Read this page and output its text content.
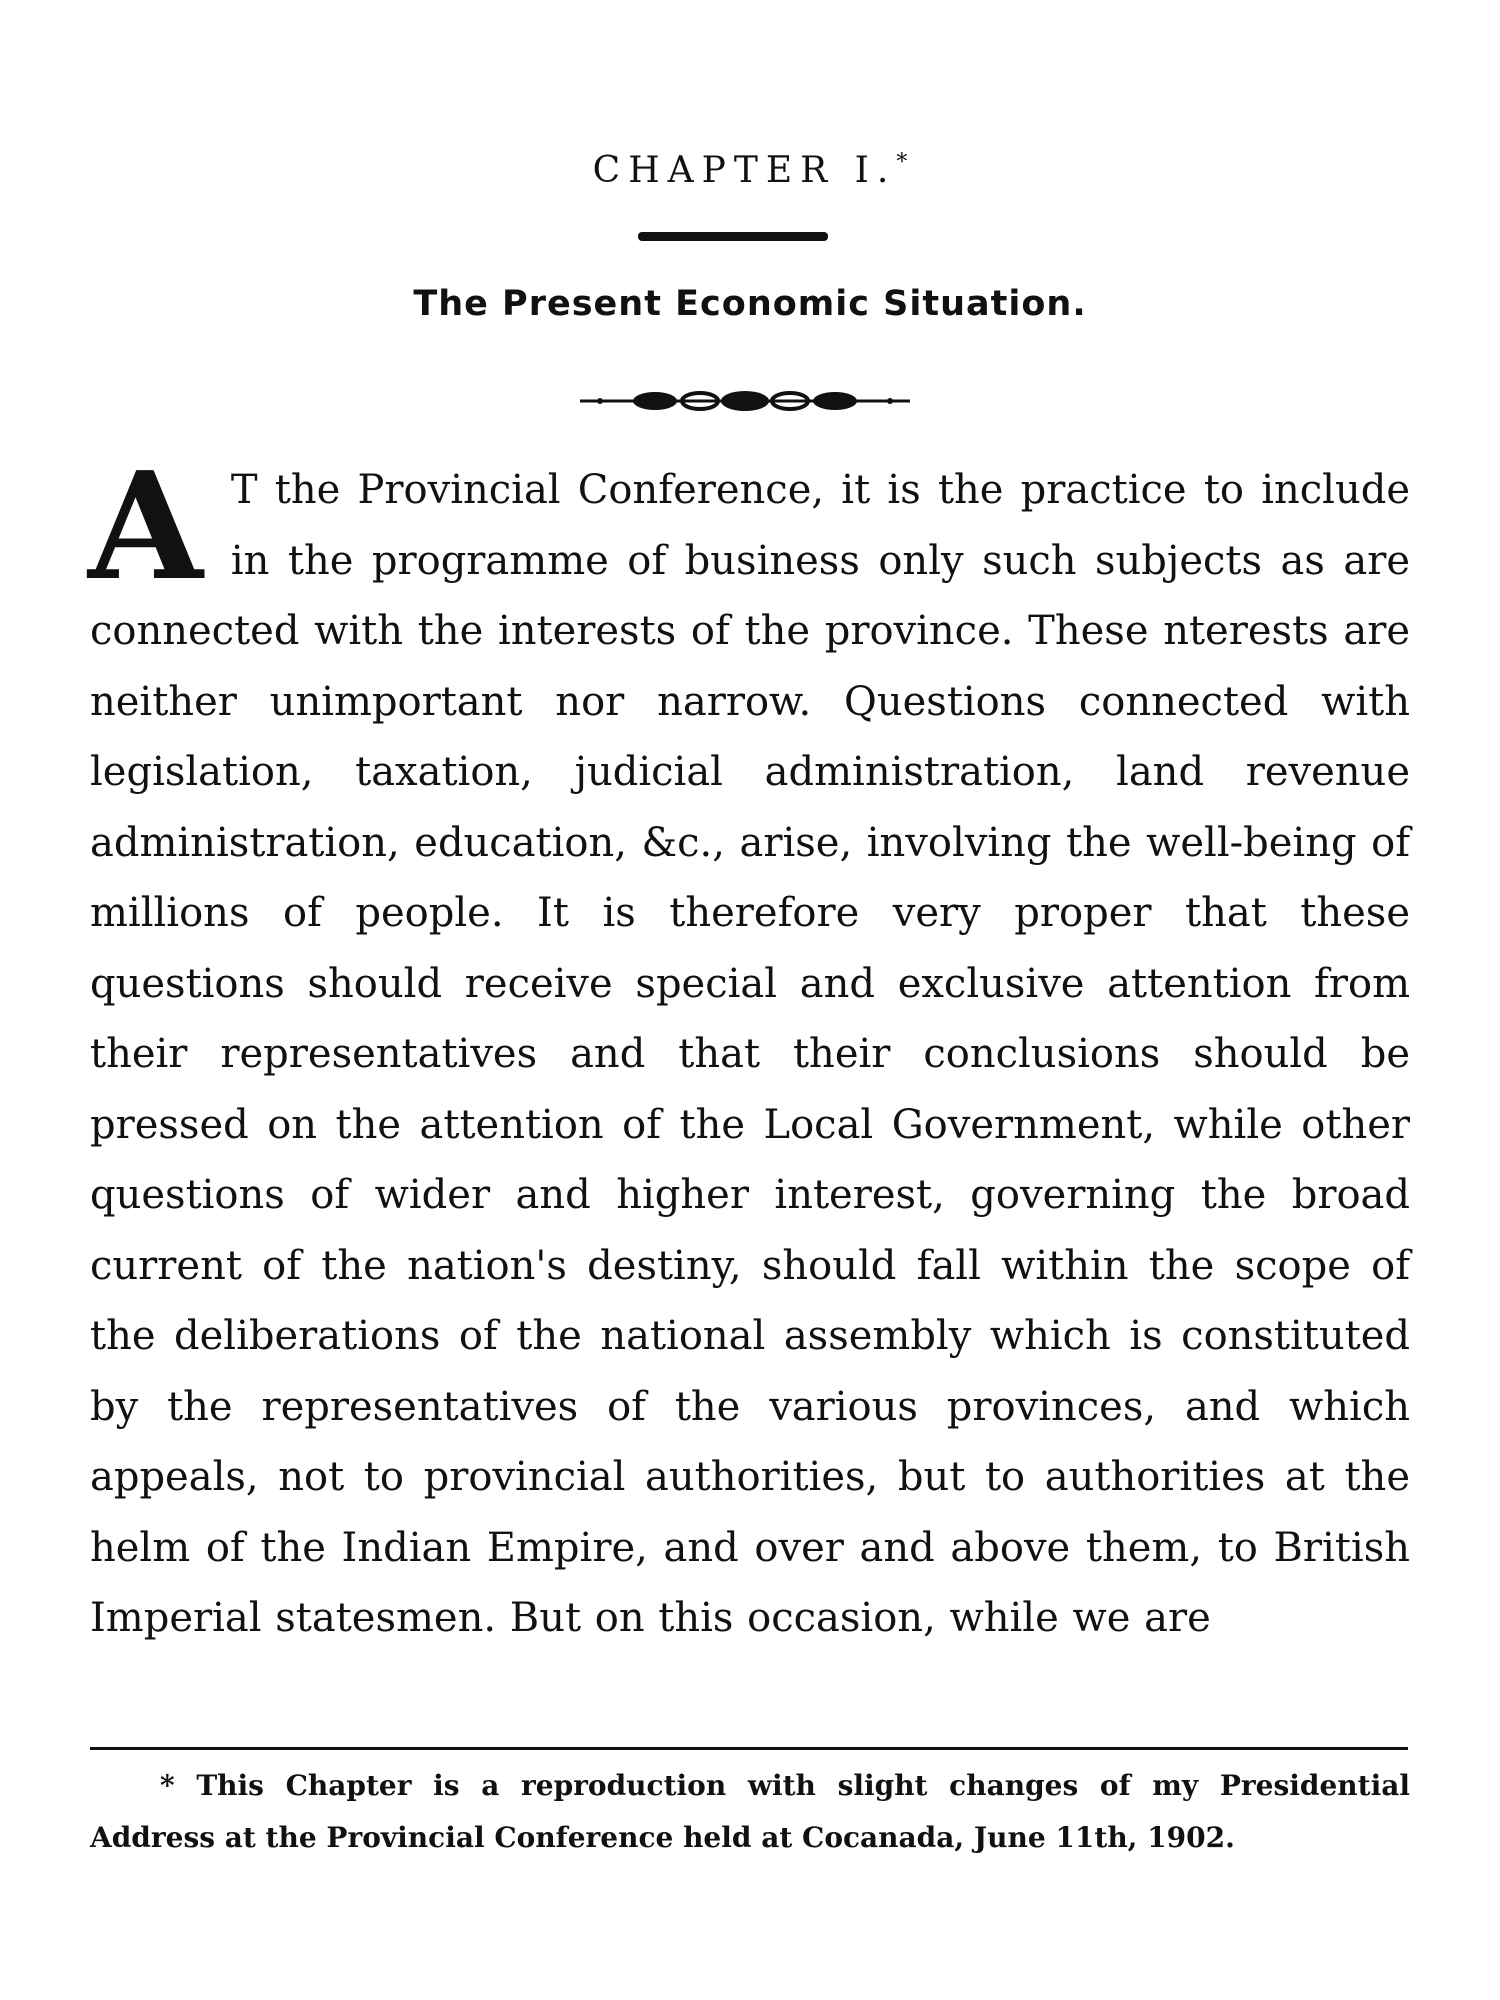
CHAPTER I.*
The Present Economic Situation.
A T the Provincial Conference, it is the practice to include in the programme of business only such subjects as are connected with the interests of the province. These nterests are neither unimportant nor narrow. Questions connected with legislation, taxation, judicial administration, land revenue administration, education, &c., arise, involving the well-being of millions of people. It is therefore very proper that these questions should receive special and exclusive attention from their representatives and that their conclusions should be pressed on the attention of the Local Government, while other questions of wider and higher interest, governing the broad current of the nation's destiny, should fall within the scope of the deliberations of the national assembly which is constituted by the representatives of the various provinces, and which appeals, not to provincial authorities, but to authorities at the helm of the Indian Empire, and over and above them, to British Imperial statesmen. But on this occasion, while we are

* This Chapter is a reproduction with slight changes of my Presidential Address at the Provincial Conference held at Cocanada, June 11th, 1902.
